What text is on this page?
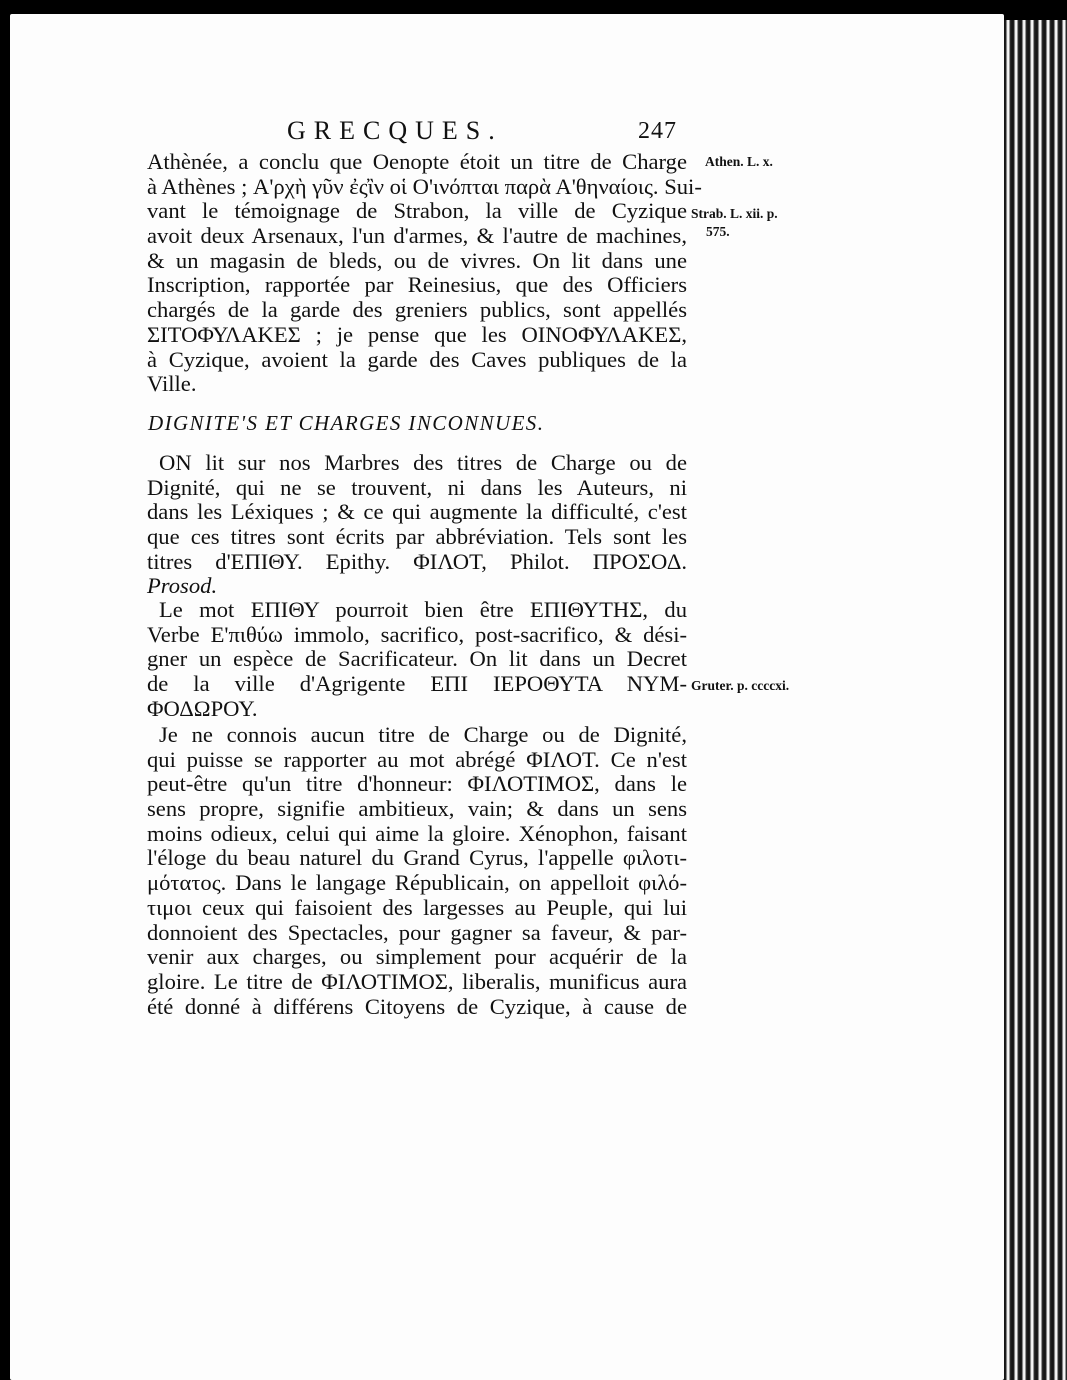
GRECQUES.	247
Athènée, a conclu que Oenopte étoit un titre de Charge
à Athènes ; Α'ρχὴ γῦν ἐςἲν οἱ Ο'ινόπται παρὰ Α'θηναίοις. Sui-
vant le témoignage de Strabon, la ville de Cyzique
avoit deux Arsenaux, l'un d'armes, & l'autre de machines,
& un magasin de bleds, ou de vivres. On lit dans une
Inscription, rapportée par Reinesius, que des Officiers
chargés de la garde des greniers publics, sont appellés
ΣΙΤΟΦΥΛΑΚΕΣ ; je pense que les ΟΙΝΟΦΥΛΑΚΕΣ,
à Cyzique, avoient la garde des Caves publiques de la
Ville.
DIGNITE'S ET CHARGES INCONNUES.
ON lit sur nos Marbres des titres de Charge ou de
Dignité, qui ne se trouvent, ni dans les Auteurs, ni
dans les Léxiques ; & ce qui augmente la difficulté, c'est
que ces titres sont écrits par abbréviation. Tels sont les
titres d'ΕΠΙΘΥ. Epithy. ΦΙΛΟΤ, Philot. ΠΡΟΣΟΔ.
Prosod.
Le mot ΕΠΙΘΥ pourroit bien être ΕΠΙΘΥΤΗΣ, du
Verbe Ε'πιθύω immolo, sacrifico, post-sacrifico, & dési-
gner un espèce de Sacrificateur. On lit dans un Decret
de la ville d'Agrigente ΕΠΙ ΙΕΡΟΘΥΤΑ ΝΥΜ-
ΦΟΔΩΡΟΥ.
Je ne connois aucun titre de Charge ou de Dignité,
qui puisse se rapporter au mot abrégé ΦΙΛΟΤ. Ce n'est
peut-être qu'un titre d'honneur: ΦΙΛΟΤΙΜΟΣ, dans le
sens propre, signifie ambitieux, vain; & dans un sens
moins odieux, celui qui aime la gloire. Xénophon, faisant
l'éloge du beau naturel du Grand Cyrus, l'appelle φιλοτι-
μότατος. Dans le langage Républicain, on appelloit φιλό-
τιμοι ceux qui faisoient des largesses au Peuple, qui lui
donnoient des Spectacles, pour gagner sa faveur, & par-
venir aux charges, ou simplement pour acquérir de la
gloire. Le titre de ΦΙΛΟΤΙΜΟΣ, liberalis, munificus aura
été donné à différens Citoyens de Cyzique, à cause de
Athen. L. x.
Strab. L. xii. p.
575.
Gruter. p. ccccxi.
